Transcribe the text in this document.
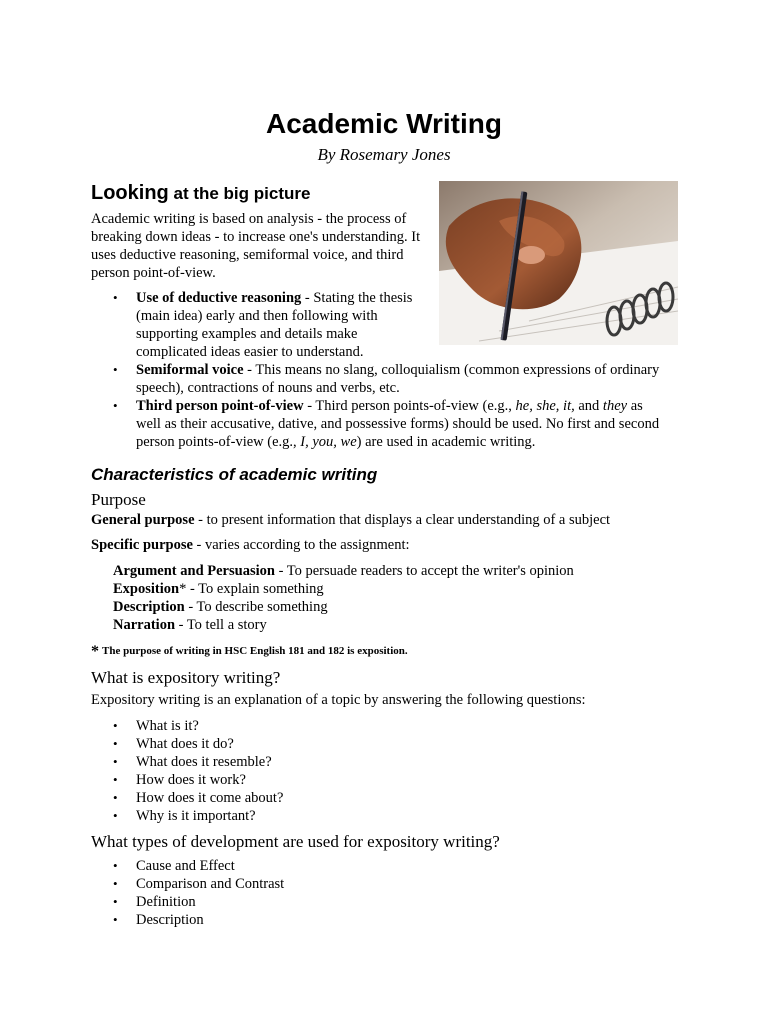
Academic Writing
By Rosemary Jones
Looking at the big picture

Academic writing is based on analysis - the process of breaking down ideas - to increase one's understanding. It uses deductive reasoning, semiformal voice, and third person point-of-view.

• Use of deductive reasoning - Stating the thesis
(main idea) early and then following with
supporting examples and details make
complicated ideas easier to understand.
• Semiformal voice - This means no slang, colloquialism (common expressions of ordinary speech), contractions of nouns and verbs, etc.
• Third person point-of-view - Third person points-of-view (e.g., he, she, it, and they as well as their accusative, dative, and possessive forms) should be used. No first and second person points-of-view (e.g., I, you, we) are used in academic writing.
Characteristics of academic writing
Purpose

General purpose - to present information that displays a clear understanding of a subject

Specific purpose - varies according to the assignment:

Argument and Persuasion - To persuade readers to accept the writer's opinion
Exposition* - To explain something
Description - To describe something
Narration - To tell a story
* The purpose of writing in HSC English 181 and 182 is exposition.
What is expository writing?

Expository writing is an explanation of a topic by answering the following questions:

• What is it?
• What does it do?
• What does it resemble?
• How does it work?
• How does it come about?
• Why is it important?
What types of development are used for expository writing?
• Cause and Effect
• Comparison and Contrast
• Definition
• Description
